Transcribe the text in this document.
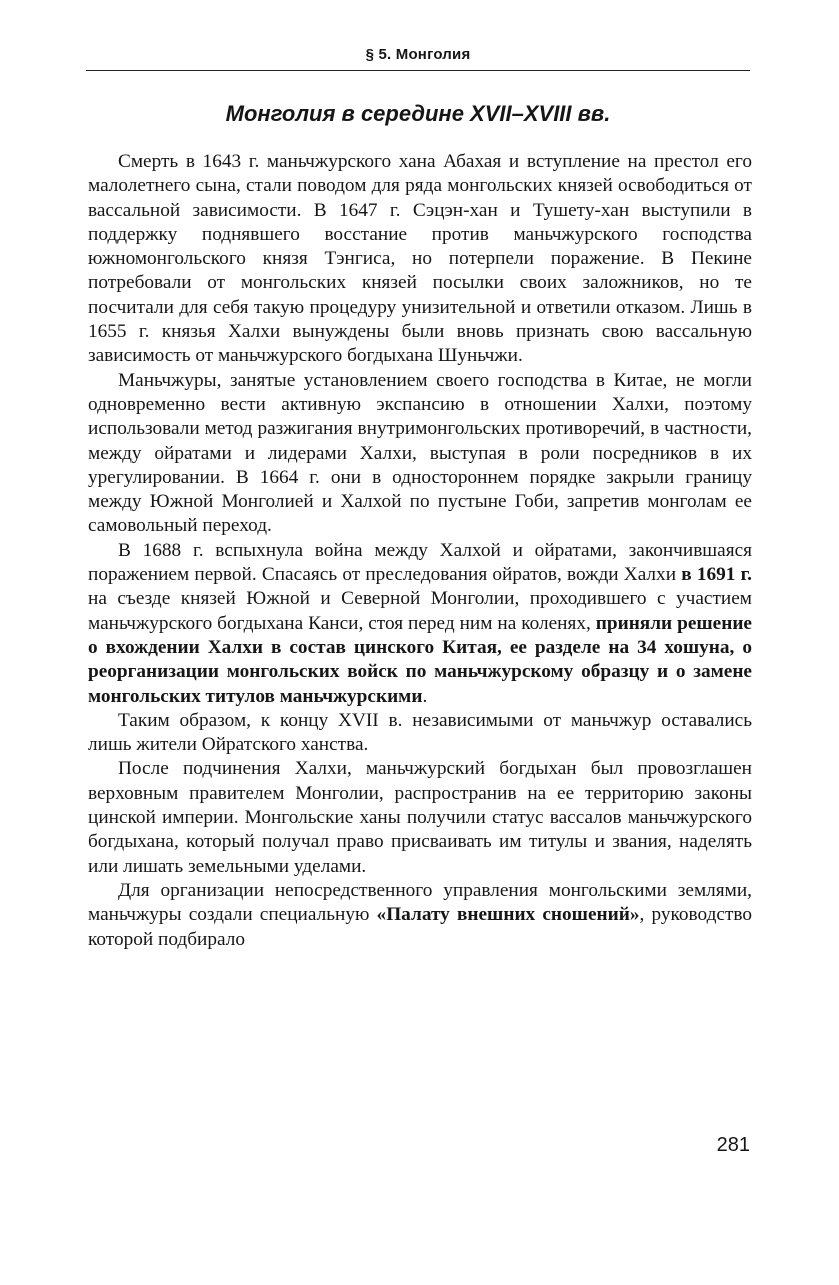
§ 5. Монголия
Монголия в середине XVII–XVIII вв.

Смерть в 1643 г. маньчжурского хана Абахая и вступление на престол его малолетнего сына, стали поводом для ряда монгольских князей освободиться от вассальной зависимости. В 1647 г. Сэцэн-хан и Тушету-хан выступили в поддержку поднявшего восстание против маньчжурского господства южномонгольского князя Тэнгиса, но потерпели поражение. В Пекине потребовали от монгольских князей посылки своих заложников, но те посчитали для себя такую процедуру унизительной и ответили отказом. Лишь в 1655 г. князья Халхи вынуждены были вновь признать свою вассальную зависимость от маньчжурского богдыхана Шуньчжи.

Маньчжуры, занятые установлением своего господства в Китае, не могли одновременно вести активную экспансию в отношении Халхи, поэтому использовали метод разжигания внутримонгольских противоречий, в частности, между ойратами и лидерами Халхи, выступая в роли посредников в их урегулировании. В 1664 г. они в одностороннем порядке закрыли границу между Южной Монголией и Халхой по пустыне Гоби, запретив монголам ее самовольный переход.

В 1688 г. вспыхнула война между Халхой и ойратами, закончившаяся поражением первой. Спасаясь от преследования ойратов, вожди Халхи в 1691 г. на съезде князей Южной и Северной Монголии, проходившего с участием маньчжурского богдыхана Канси, стоя перед ним на коленях, приняли решение о вхождении Халхи в состав цинского Китая, ее разделе на 34 хошуна, о реорганизации монгольских войск по маньчжурскому образцу и о замене монгольских титулов маньчжурскими.

Таким образом, к концу XVII в. независимыми от маньчжур оставались лишь жители Ойратского ханства.

После подчинения Халхи, маньчжурский богдыхан был провозглашен верховным правителем Монголии, распространив на ее территорию законы цинской империи. Монгольские ханы получили статус вассалов маньчжурского богдыхана, который получал право присваивать им титулы и звания, наделять или лишать земельными уделами.

Для организации непосредственного управления монгольскими землями, маньчжуры создали специальную «Палату внешних сношений», руководство которой подбирало

281
